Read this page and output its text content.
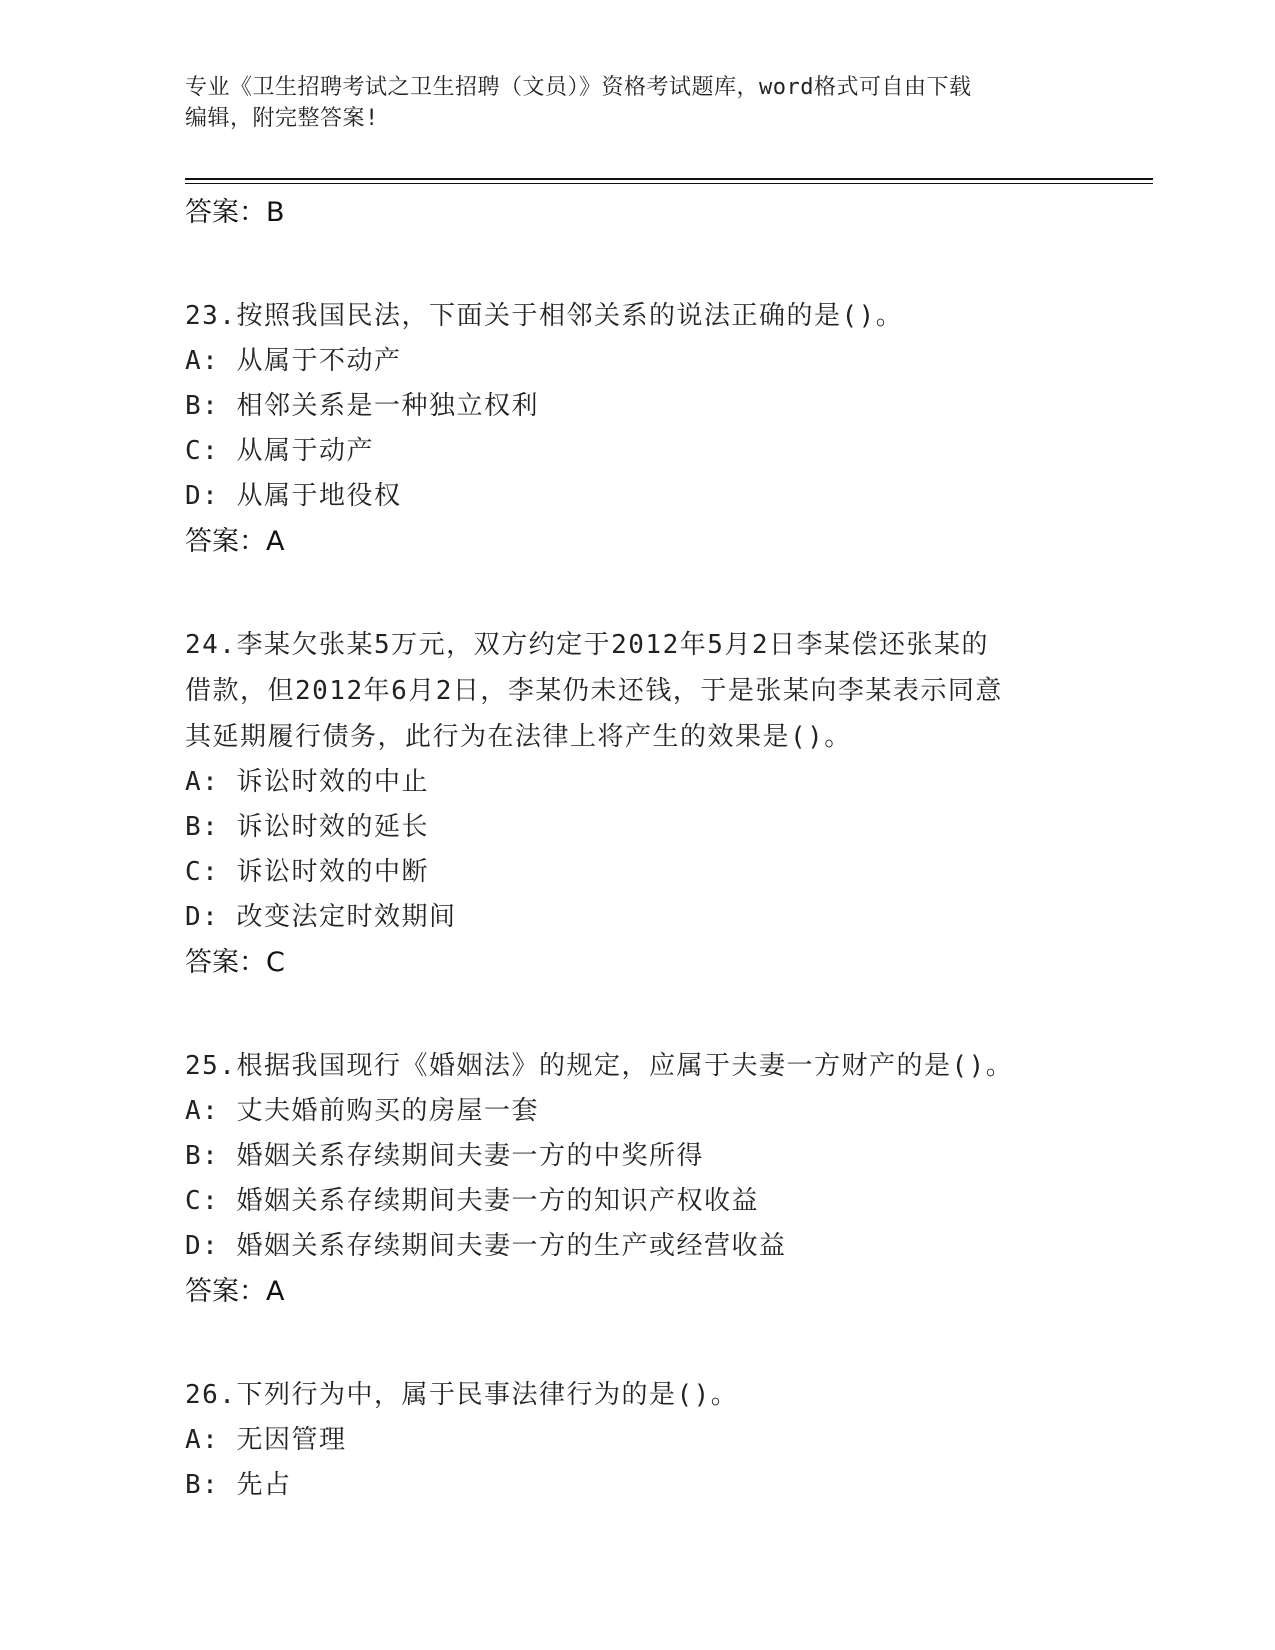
专业《卫生招聘考试之卫生招聘（文员）》资格考试题库，word格式可自由下载
编辑，附完整答案!
答案：B
23.按照我国民法，下面关于相邻关系的说法正确的是()。
A: 从属于不动产
B: 相邻关系是一种独立权利
C: 从属于动产
D: 从属于地役权
答案：A
24.李某欠张某5万元，双方约定于2012年5月2日李某偿还张某的
借款，但2012年6月2日，李某仍未还钱，于是张某向李某表示同意
其延期履行债务，此行为在法律上将产生的效果是()。
A: 诉讼时效的中止
B: 诉讼时效的延长
C: 诉讼时效的中断
D: 改变法定时效期间
答案：C
25.根据我国现行《婚姻法》的规定，应属于夫妻一方财产的是()。
A: 丈夫婚前购买的房屋一套
B: 婚姻关系存续期间夫妻一方的中奖所得
C: 婚姻关系存续期间夫妻一方的知识产权收益
D: 婚姻关系存续期间夫妻一方的生产或经营收益
答案：A
26.下列行为中，属于民事法律行为的是()。
A: 无因管理
B: 先占
